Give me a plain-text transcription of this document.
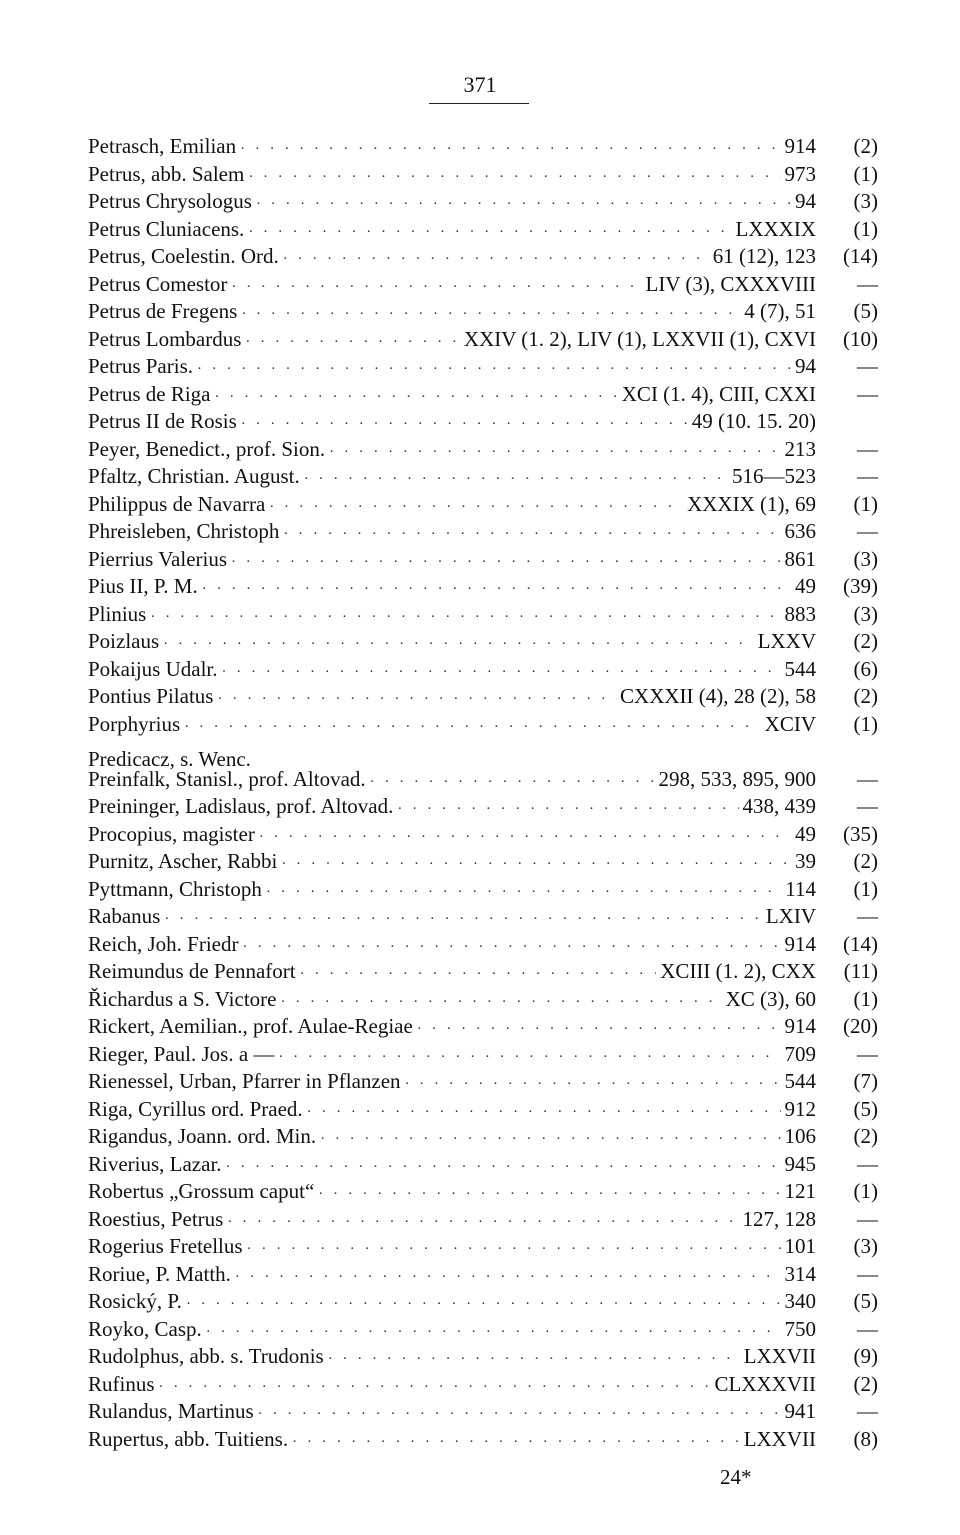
371
Petrasch, Emilian · · ·	914	(2)
Petrus, abb. Salem · · ·	973	(1)
Petrus Chrysologus · · ·	94	(3)
Petrus Cluniacens. · · ·	LXXXIX	(1)
Petrus, Coelestin. Ord. · · ·	61 (12), 123	(14)
Petrus Comestor · · ·	LIV (3), CXXXVIII	—
Petrus de Fregens · · ·	4 (7), 51	(5)
Petrus Lombardus · · ·	XXIV (1. 2), LIV (1), LXXVII (1), CXVI	(10)
Petrus Paris. · · ·	94	—
Petrus de Riga · · ·	XCI (1. 4), CIII, CXXI	—
Petrus II de Rosis · · ·	49 (10. 15. 20)
Peyer, Benedict., prof. Sion. · · ·	213	—
Pfaltz, Christian. August. · · ·	516—523	—
Philippus de Navarra · · ·	XXXIX (1), 69	(1)
Phreisleben, Christoph · · ·	636	—
Pierrius Valerius · · ·	861	(3)
Pius II, P. M. · · ·	49	(39)
Plinius · · ·	883	(3)
Poizlaus · · ·	LXXV	(2)
Pokaijus Udalr. · · ·	544	(6)
Pontius Pilatus · · ·	CXXXII (4), 28 (2), 58	(2)
Porphyrius · · ·	XCIV	(1)
Predicacz, s. Wenc.
Preinfalk, Stanisl., prof. Altovad. · · ·	298, 533, 895, 900	—
Preininger, Ladislaus, prof. Altovad. · · ·	438, 439	—
Procopius, magister · · ·	49	(35)
Purnitz, Ascher, Rabbi · · ·	39	(2)
Pyttmann, Christoph · · ·	114	(1)
Rabanus · · ·	LXIV	—
Reich, Joh. Friedr · · ·	914	(14)
Reimundus de Pennafort · · ·	XCIII (1. 2), CXX	(11)
Řichardus a S. Victore · · ·	XC (3), 60	(1)
Rickert, Aemilian., prof. Aulae-Regiae · · ·	914	(20)
Rieger, Paul. Jos. a — · · ·	709	—
Rienessel, Urban, Pfarrer in Pflanzen · · ·	544	(7)
Riga, Cyrillus ord. Praed. · · ·	912	(5)
Rigandus, Joann. ord. Min. · · ·	106	(2)
Riverius, Lazar. · · ·	945	—
Robertus „Grossum caput“ · · ·	121	(1)
Roestius, Petrus · · ·	127, 128	—
Rogerius Fretellus · · ·	101	(3)
Roriue, P. Matth. · · ·	314	—
Rosický, P. · · ·	340	(5)
Royko, Casp. · · ·	750	—
Rudolphus, abb. s. Trudonis · · ·	LXXVII	(9)
Rufinus · · ·	CLXXXVII	(2)
Rulandus, Martinus · · ·	941	—
Rupertus, abb. Tuitiens. · · ·	LXXVII	(8)
24*
